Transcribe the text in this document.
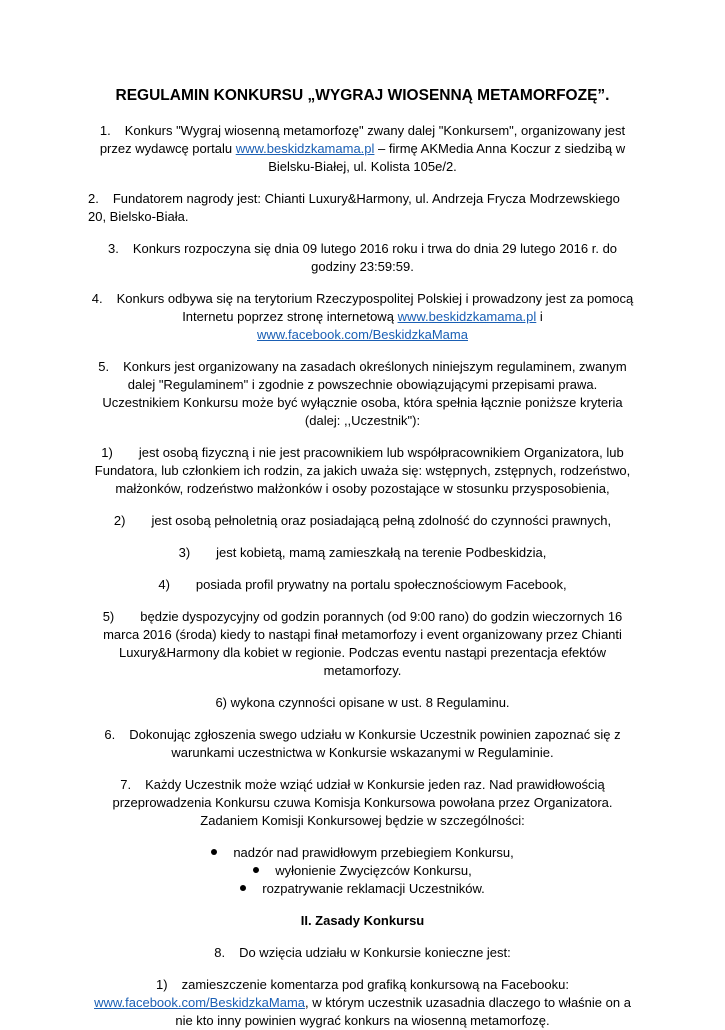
REGULAMIN KONKURSU „WYGRAJ WIOSENNĄ METAMORFOZĘ”.

1. Konkurs "Wygraj wiosenną metamorfozę" zwany dalej "Konkursem", organizowany jest przez wydawcę portalu www.beskidzkamama.pl – firmę AKMedia Anna Koczur z siedzibą w Bielsku-Białej, ul. Kolista 105e/2.

2. Fundatorem nagrody jest: Chianti Luxury&Harmony, ul. Andrzeja Frycza Modrzewskiego 20, Bielsko-Biała.

3. Konkurs rozpoczyna się dnia 09 lutego 2016 roku i trwa do dnia 29 lutego 2016 r. do godziny 23:59:59.

4. Konkurs odbywa się na terytorium Rzeczypospolitej Polskiej i prowadzony jest za pomocą Internetu poprzez stronę internetową www.beskidzkamama.pl i
www.facebook.com/BeskidzkaMama

5. Konkurs jest organizowany na zasadach określonych niniejszym regulaminem, zwanym dalej "Regulaminem" i zgodnie z powszechnie obowiązującymi przepisami prawa. Uczestnikiem Konkursu może być wyłącznie osoba, która spełnia łącznie poniższe kryteria (dalej: ,,Uczestnik"):

1) jest osobą fizyczną i nie jest pracownikiem lub współpracownikiem Organizatora, lub Fundatora, lub członkiem ich rodzin, za jakich uważa się: wstępnych, zstępnych, rodzeństwo, małżonków, rodzeństwo małżonków i osoby pozostające w stosunku przysposobienia,

2) jest osobą pełnoletnią oraz posiadającą pełną zdolność do czynności prawnych,

3) jest kobietą, mamą zamieszkałą na terenie Podbeskidzia,

4) posiada profil prywatny na portalu społecznościowym Facebook,

5) będzie dyspozycyjny od godzin porannych (od 9:00 rano) do godzin wieczornych 16 marca 2016 (środa) kiedy to nastąpi finał metamorfozy i event organizowany przez Chianti Luxury&Harmony dla kobiet w regionie. Podczas eventu nastąpi prezentacja efektów metamorfozy.

6) wykona czynności opisane w ust. 8 Regulaminu.

6. Dokonując zgłoszenia swego udziału w Konkursie Uczestnik powinien zapoznać się z warunkami uczestnictwa w Konkursie wskazanymi w Regulaminie.

7. Każdy Uczestnik może wziąć udział w Konkursie jeden raz. Nad prawidłowością przeprowadzenia Konkursu czuwa Komisja Konkursowa powołana przez Organizatora. Zadaniem Komisji Konkursowej będzie w szczególności:

nadzór nad prawidłowym przebiegiem Konkursu,
wyłonienie Zwycięzców Konkursu,
rozpatrywanie reklamacji Uczestników.
II. Zasady Konkursu

8. Do wzięcia udziału w Konkursie konieczne jest:

1) zamieszczenie komentarza pod grafiką konkursową na Facebooku:
www.facebook.com/BeskidzkaMama, w którym uczestnik uzasadnia dlaczego to właśnie on a nie kto inny powinien wygrać konkurs na wiosenną metamorfozę.
